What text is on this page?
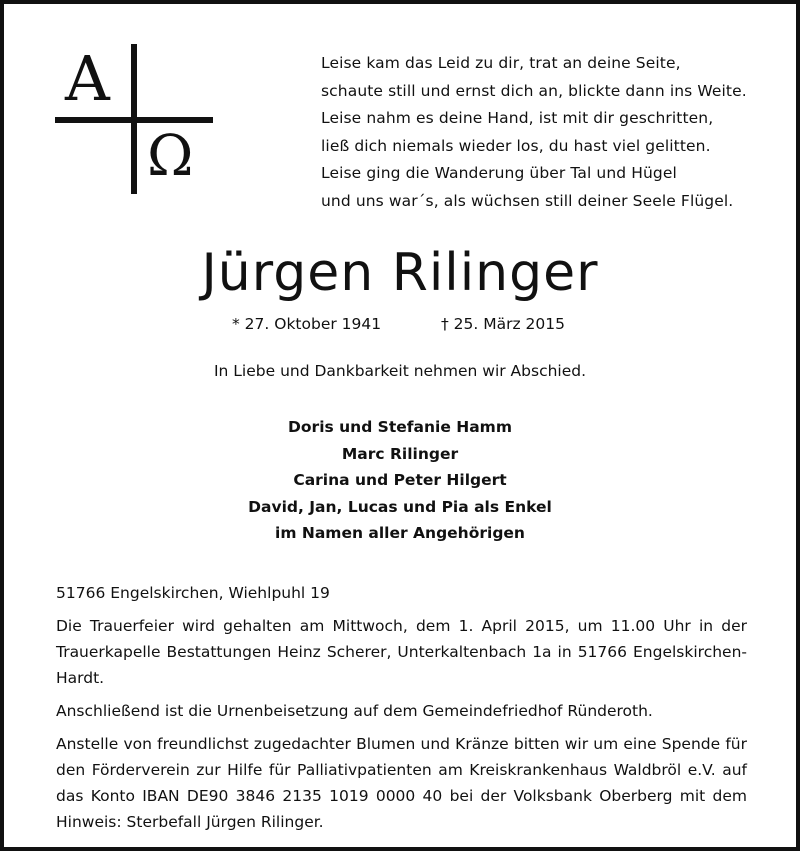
A
Ω
Leise kam das Leid zu dir, trat an deine Seite,
schaute still und ernst dich an, blickte dann ins Weite.
Leise nahm es deine Hand, ist mit dir geschritten,
ließ dich niemals wieder los, du hast viel gelitten.
Leise ging die Wanderung über Tal und Hügel
und uns war´s, als wüchsen still deiner Seele Flügel.
Jürgen Rilinger
* 27. Oktober 1941	† 25. März 2015
In Liebe und Dankbarkeit nehmen wir Abschied.
Doris und Stefanie Hamm
Marc Rilinger
Carina und Peter Hilgert
David, Jan, Lucas und Pia als Enkel
im Namen aller Angehörigen
51766 Engelskirchen, Wiehlpuhl 19
Die Trauerfeier wird gehalten am Mittwoch, dem 1. April 2015, um 11.00 Uhr in der Trauerkapelle Bestattungen Heinz Scherer, Unterkaltenbach 1a in 51766 Engelskirchen-Hardt.
Anschließend ist die Urnenbeisetzung auf dem Gemeindefriedhof Ründeroth.
Anstelle von freundlichst zugedachter Blumen und Kränze bitten wir um eine Spende für den Förderverein zur Hilfe für Palliativpatienten am Kreiskrankenhaus Waldbröl e.V. auf das Konto IBAN DE90 3846 2135 1019 0000 40 bei der Volksbank Oberberg mit dem Hinweis: Sterbefall Jürgen Rilinger.
